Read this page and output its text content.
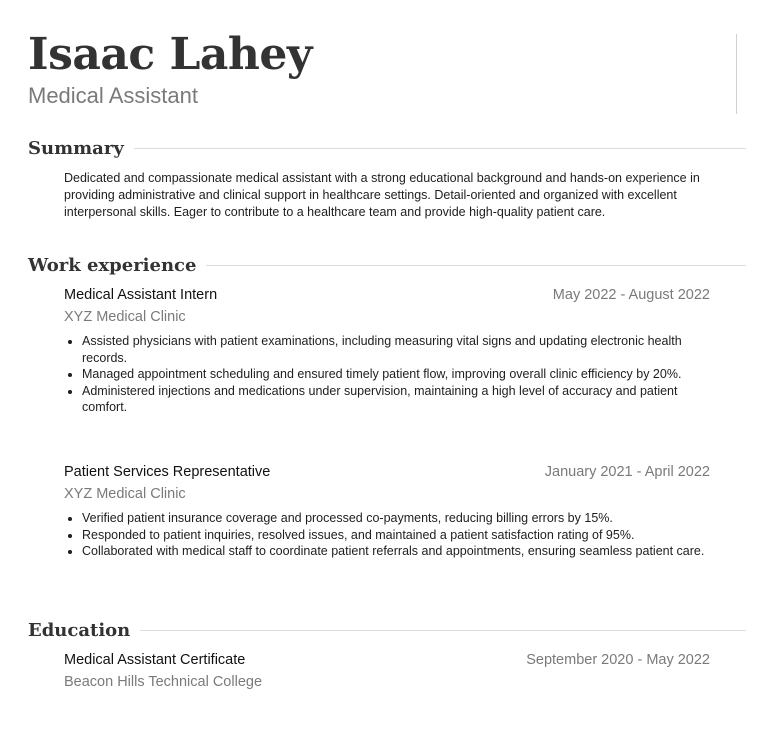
Isaac Lahey
Medical Assistant
Summary
Dedicated and compassionate medical assistant with a strong educational background and hands-on experience in providing administrative and clinical support in healthcare settings. Detail-oriented and organized with excellent interpersonal skills. Eager to contribute to a healthcare team and provide high-quality patient care.
Work experience
Medical Assistant Intern	May 2022 - August 2022
XYZ Medical Clinic
• Assisted physicians with patient examinations, including measuring vital signs and updating electronic health records.
• Managed appointment scheduling and ensured timely patient flow, improving overall clinic efficiency by 20%.
• Administered injections and medications under supervision, maintaining a high level of accuracy and patient comfort.
Patient Services Representative	January 2021 - April 2022
XYZ Medical Clinic
• Verified patient insurance coverage and processed co-payments, reducing billing errors by 15%.
• Responded to patient inquiries, resolved issues, and maintained a patient satisfaction rating of 95%.
• Collaborated with medical staff to coordinate patient referrals and appointments, ensuring seamless patient care.
Education
Medical Assistant Certificate	September 2020 - May 2022
Beacon Hills Technical College
